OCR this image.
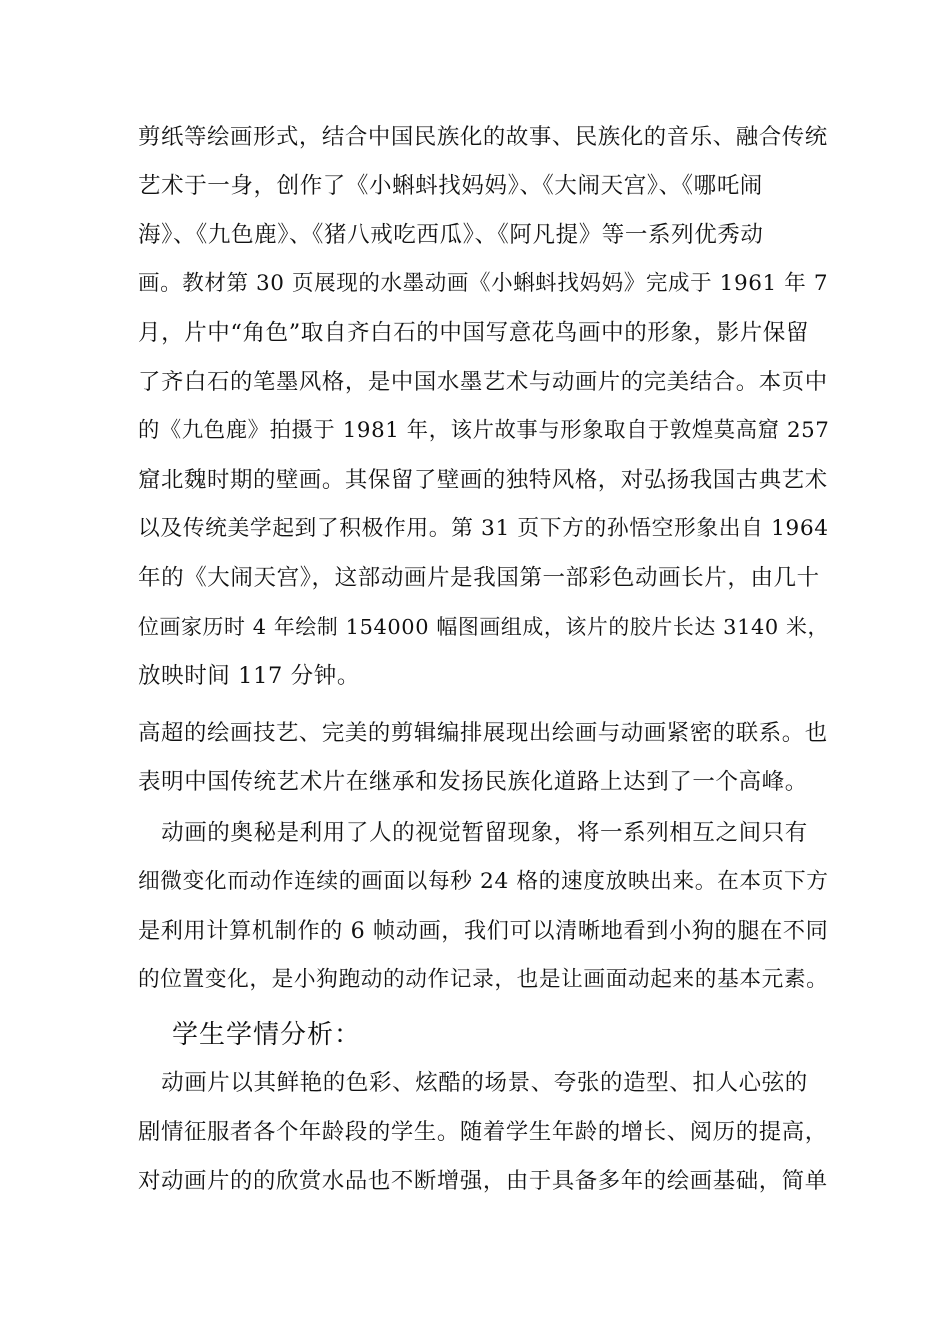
剪纸等绘画形式，结合中国民族化的故事、民族化的音乐、融合传统
艺术于一身，创作了《小蝌蚪找妈妈》、《大闹天宫》、《哪吒闹
海》、《九色鹿》、《猪八戒吃西瓜》、《阿凡提》等一系列优秀动
画。教材第 30 页展现的水墨动画《小蝌蚪找妈妈》完成于 1961 年 7
月，片中“角色”取自齐白石的中国写意花鸟画中的形象，影片保留
了齐白石的笔墨风格，是中国水墨艺术与动画片的完美结合。本页中
的《九色鹿》拍摄于 1981 年，该片故事与形象取自于敦煌莫高窟 257
窟北魏时期的壁画。其保留了壁画的独特风格，对弘扬我国古典艺术
以及传统美学起到了积极作用。第 31 页下方的孙悟空形象出自 1964
年的《大闹天宫》，这部动画片是我国第一部彩色动画长片，由几十
位画家历时 4 年绘制 154000 幅图画组成，该片的胶片长达 3140 米，
放映时间 117 分钟。
高超的绘画技艺、完美的剪辑编排展现出绘画与动画紧密的联系。也
表明中国传统艺术片在继承和发扬民族化道路上达到了一个高峰。
　动画的奥秘是利用了人的视觉暂留现象，将一系列相互之间只有
细微变化而动作连续的画面以每秒 24 格的速度放映出来。在本页下方
是利用计算机制作的 6 帧动画，我们可以清晰地看到小狗的腿在不同
的位置变化，是小狗跑动的动作记录，也是让画面动起来的基本元素。
学生学情分析：
　动画片以其鲜艳的色彩、炫酷的场景、夸张的造型、扣人心弦的
剧情征服者各个年龄段的学生。随着学生年龄的增长、阅历的提高，
对动画片的的欣赏水品也不断增强，由于具备多年的绘画基础，简单
